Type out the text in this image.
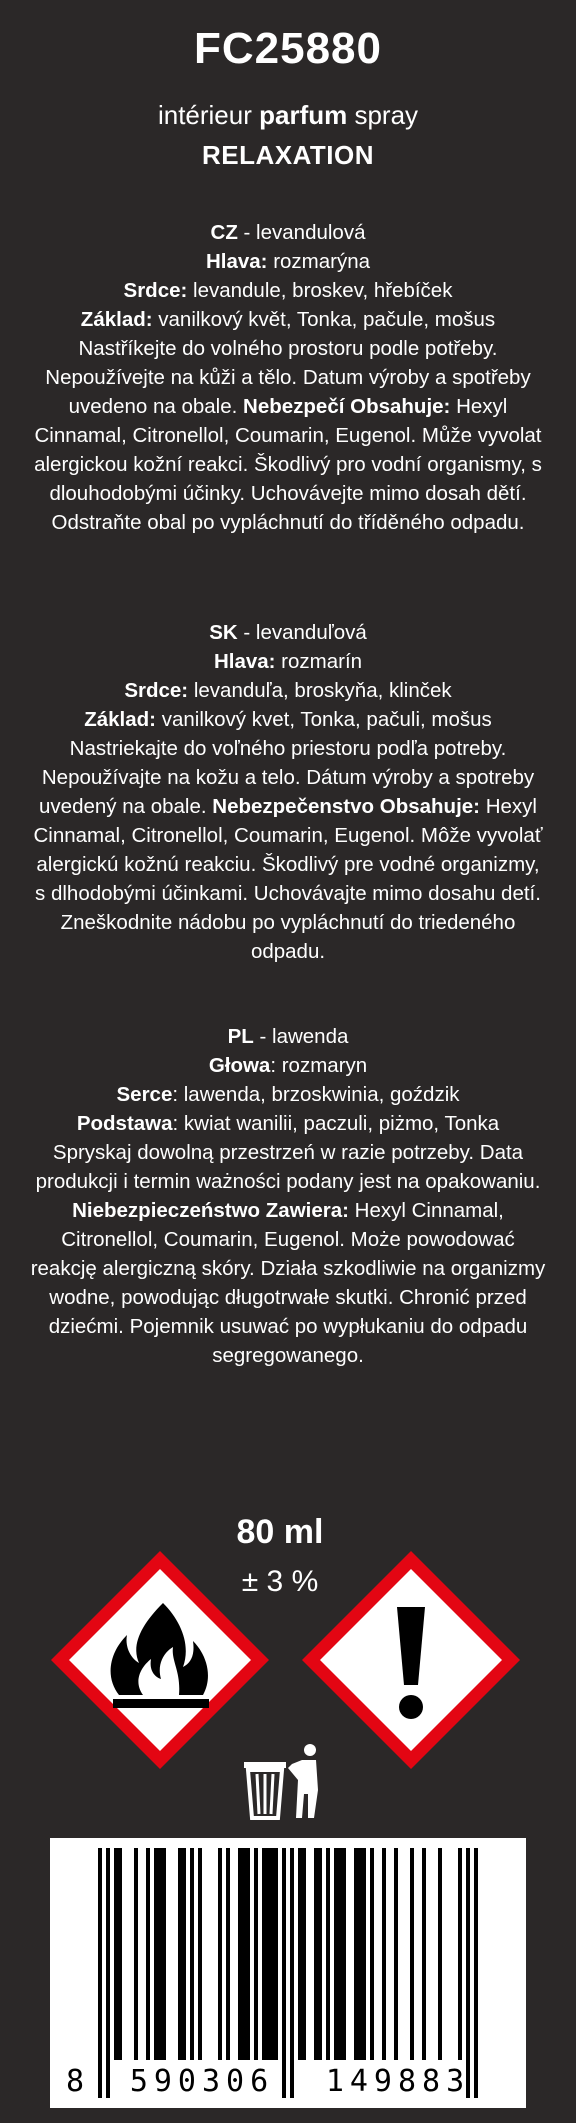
FC25880
intérieur parfum spray
RELAXATION
CZ - levandulová
Hlava: rozmarýna
Srdce: levandule, broskev, hřebíček
Základ: vanilkový květ, Tonka, pačule, mošus
Nastříkejte do volného prostoru podle potřeby. Nepoužívejte na kůži a tělo. Datum výroby a spotřeby uvedeno na obale. Nebezpečí Obsahuje: Hexyl Cinnamal, Citronellol, Coumarin, Eugenol. Může vyvolat alergickou kožní reakci. Škodlivý pro vodní organismy, s dlouhodobými účinky. Uchovávejte mimo dosah dětí. Odstraňte obal po vypláchnutí do tříděného odpadu.
SK - levanduľová
Hlava: rozmarín
Srdce: levanduľa, broskyňa, klinček
Základ: vanilkový kvet, Tonka, pačuli, mošus
Nastriekajte do voľného priestoru podľa potreby. Nepoužívajte na kožu a telo. Dátum výroby a spotreby uvedený na obale. Nebezpečenstvo Obsahuje: Hexyl Cinnamal, Citronellol, Coumarin, Eugenol. Môže vyvolať alergickú kožnú reakciu. Škodlivý pre vodné organizmy, s dlhodobými účinkami. Uchovávajte mimo dosahu detí. Zneškodnite nádobu po vypláchnutí do triedeného odpadu.
PL - lawenda
Głowa: rozmaryn
Serce: lawenda, brzoskwinia, goździk
Podstawa: kwiat wanilii, paczuli, piżmo, Tonka
Spryskaj dowolną przestrzeń w razie potrzeby. Data produkcji i termin ważności podany jest na opakowaniu. Niebezpieczeństwo Zawiera: Hexyl Cinnamal, Citronellol, Coumarin, Eugenol. Może powodować reakcję alergiczną skóry. Działa szkodliwie na organizmy wodne, powodując długotrwałe skutki. Chronić przed dziećmi. Pojemnik usuwać po wypłukaniu do odpadu segregowanego.
80 ml
± 3 %
8	590306	149883
